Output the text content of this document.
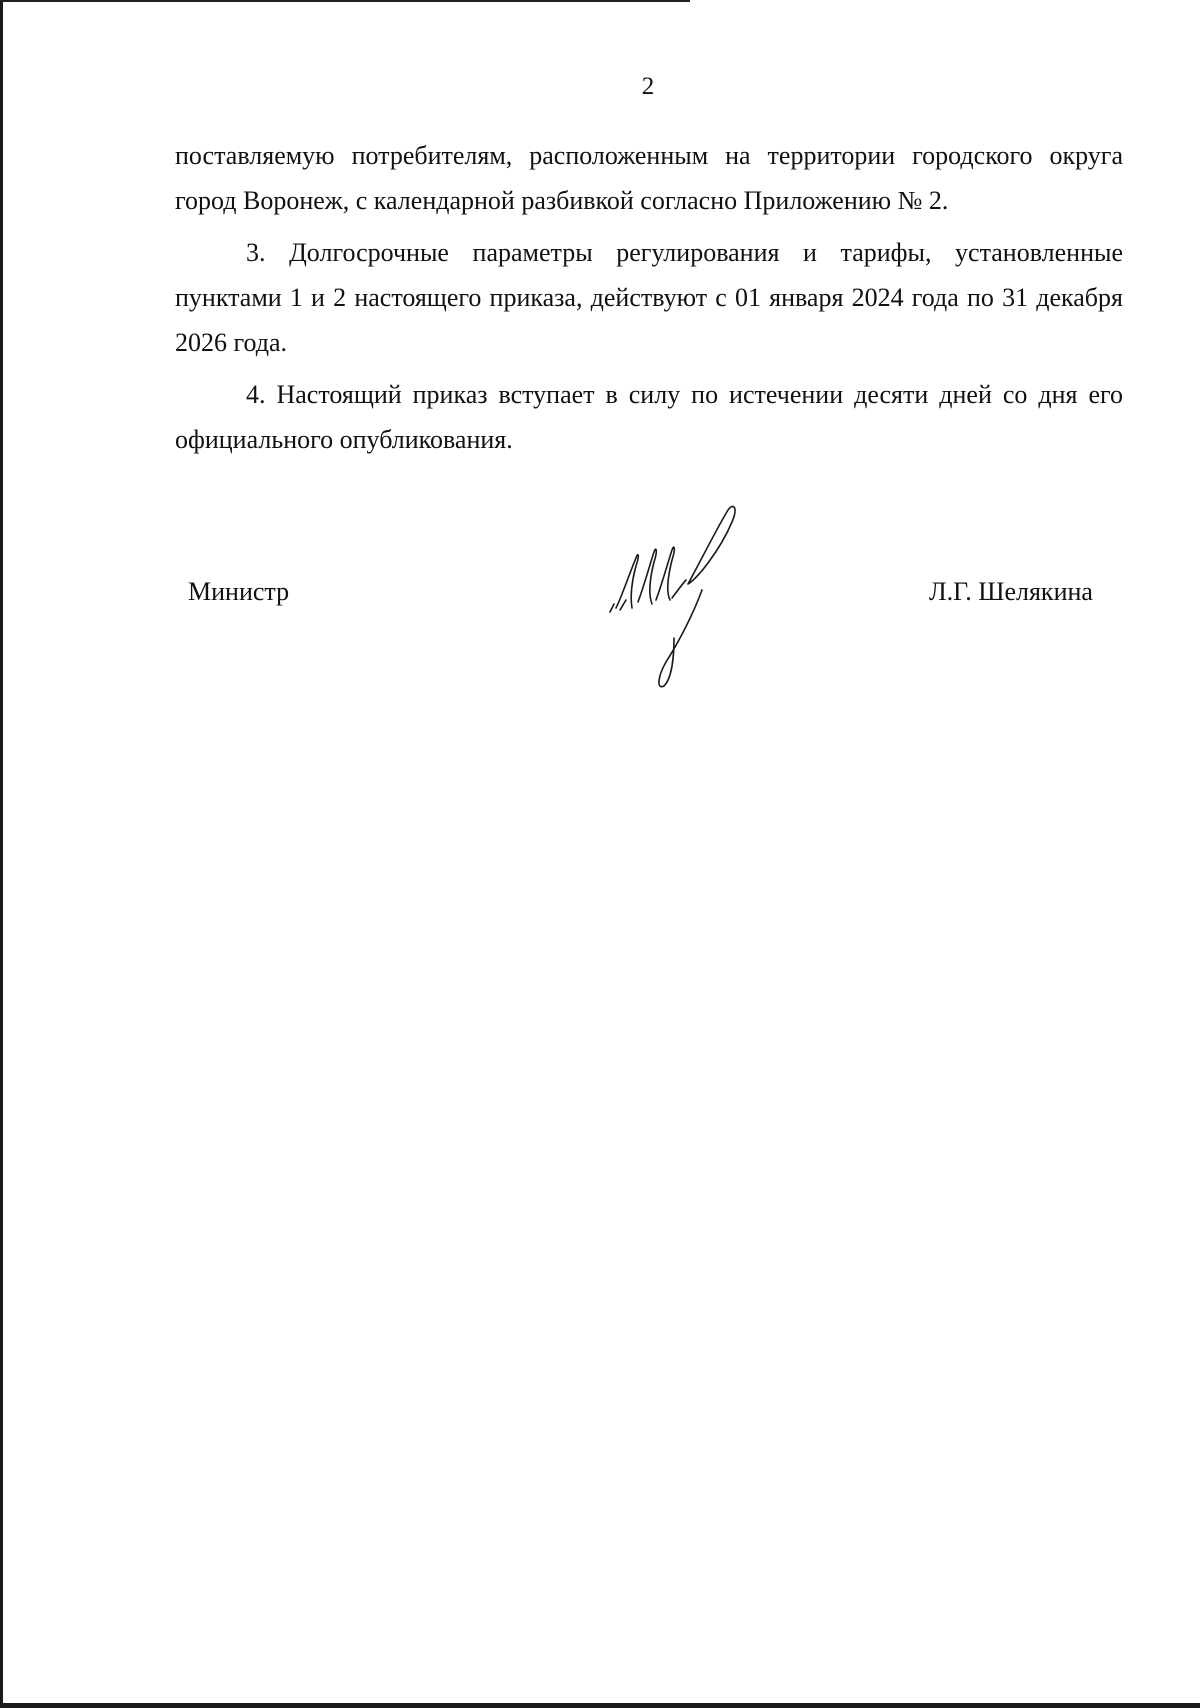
2

поставляемую потребителям, расположенным на территории городского округа город Воронеж, с календарной разбивкой согласно Приложению № 2.

3. Долгосрочные параметры регулирования и тарифы, установленные пунктами 1 и 2 настоящего приказа, действуют с 01 января 2024 года по 31 декабря 2026 года.

4. Настоящий приказ вступает в силу по истечении десяти дней со дня его официального опубликования.

Министр	Л.Г. Шелякина
